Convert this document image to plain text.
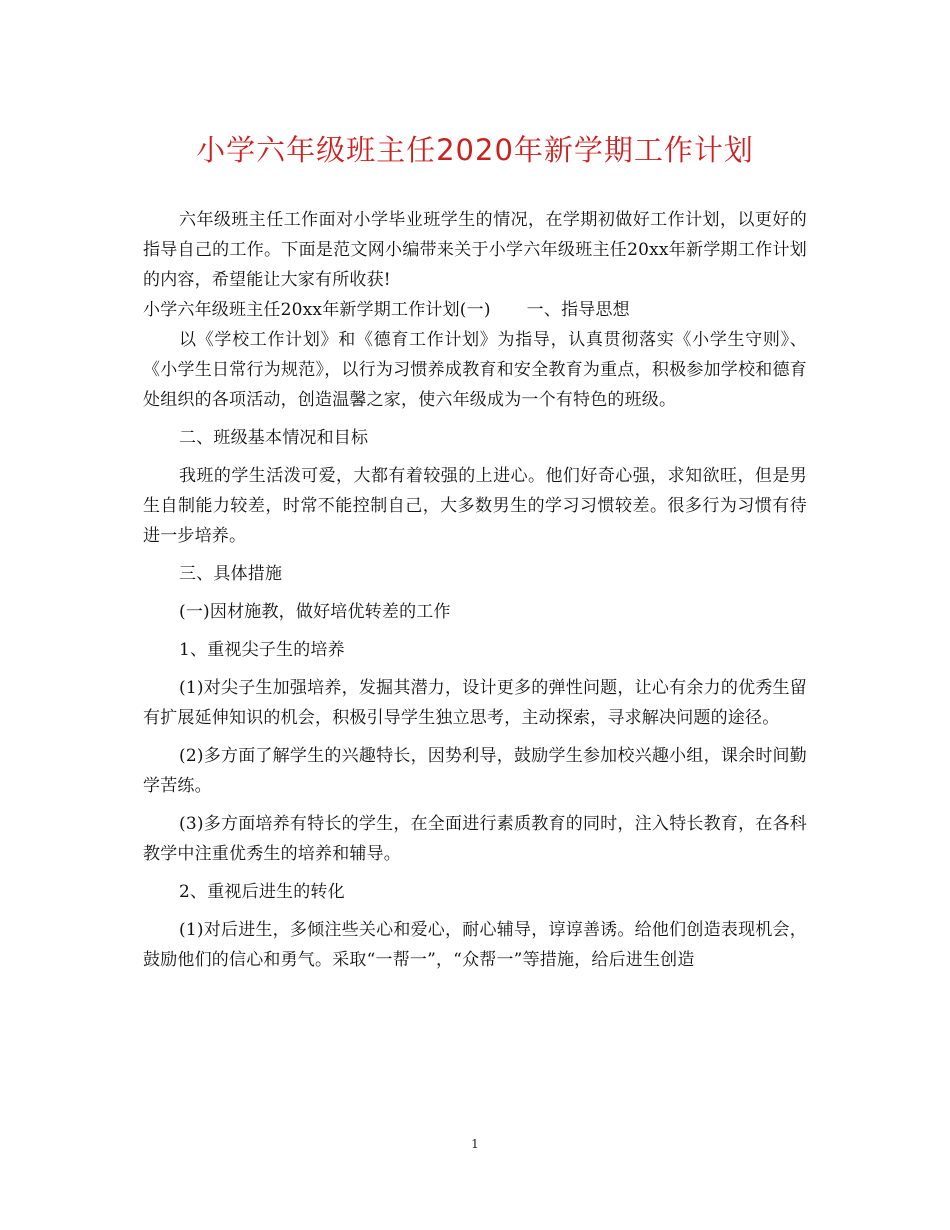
小学六年级班主任2020年新学期工作计划

六年级班主任工作面对小学毕业班学生的情况，在学期初做好工作计划，以更好的指导自己的工作。下面是范文网小编带来关于小学六年级班主任20xx年新学期工作计划的内容，希望能让大家有所收获!

小学六年级班主任20xx年新学期工作计划(一) 一、指导思想

以《学校工作计划》和《德育工作计划》为指导，认真贯彻落实《小学生守则》、《小学生日常行为规范》，以行为习惯养成教育和安全教育为重点，积极参加学校和德育处组织的各项活动，创造温馨之家，使六年级成为一个有特色的班级。

二、班级基本情况和目标

我班的学生活泼可爱，大都有着较强的上进心。他们好奇心强，求知欲旺，但是男生自制能力较差，时常不能控制自己，大多数男生的学习习惯较差。很多行为习惯有待进一步培养。

三、具体措施

(一)因材施教，做好培优转差的工作

1、重视尖子生的培养

(1)对尖子生加强培养，发掘其潜力，设计更多的弹性问题，让心有余力的优秀生留有扩展延伸知识的机会，积极引导学生独立思考，主动探索，寻求解决问题的途径。

(2)多方面了解学生的兴趣特长，因势利导，鼓励学生参加校兴趣小组，课余时间勤学苦练。

(3)多方面培养有特长的学生，在全面进行素质教育的同时，注入特长教育，在各科教学中注重优秀生的培养和辅导。

2、重视后进生的转化

(1)对后进生，多倾注些关心和爱心，耐心辅导，谆谆善诱。给他们创造表现机会，鼓励他们的信心和勇气。采取“一帮一”，“众帮一”等措施，给后进生创造

1
